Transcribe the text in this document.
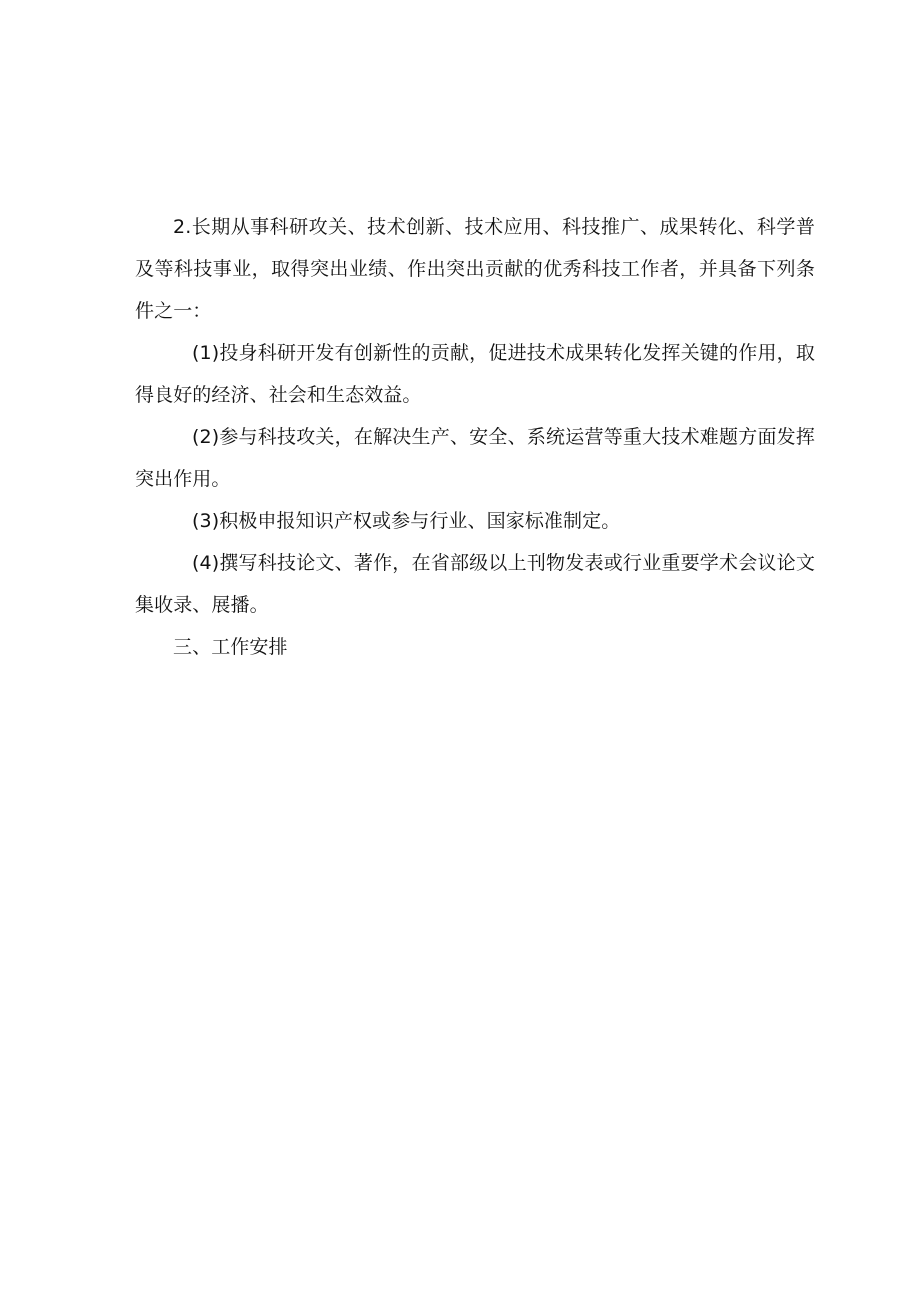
2.长期从事科研攻关、技术创新、技术应用、科技推广、成果转化、科学普及等科技事业，取得突出业绩、作出突出贡献的优秀科技工作者，并具备下列条件之一：

(1)投身科研开发有创新性的贡献，促进技术成果转化发挥关键的作用，取得良好的经济、社会和生态效益。

(2)参与科技攻关，在解决生产、安全、系统运营等重大技术难题方面发挥突出作用。

(3)积极申报知识产权或参与行业、国家标准制定。

(4)撰写科技论文、著作，在省部级以上刊物发表或行业重要学术会议论文集收录、展播。

三、工作安排
